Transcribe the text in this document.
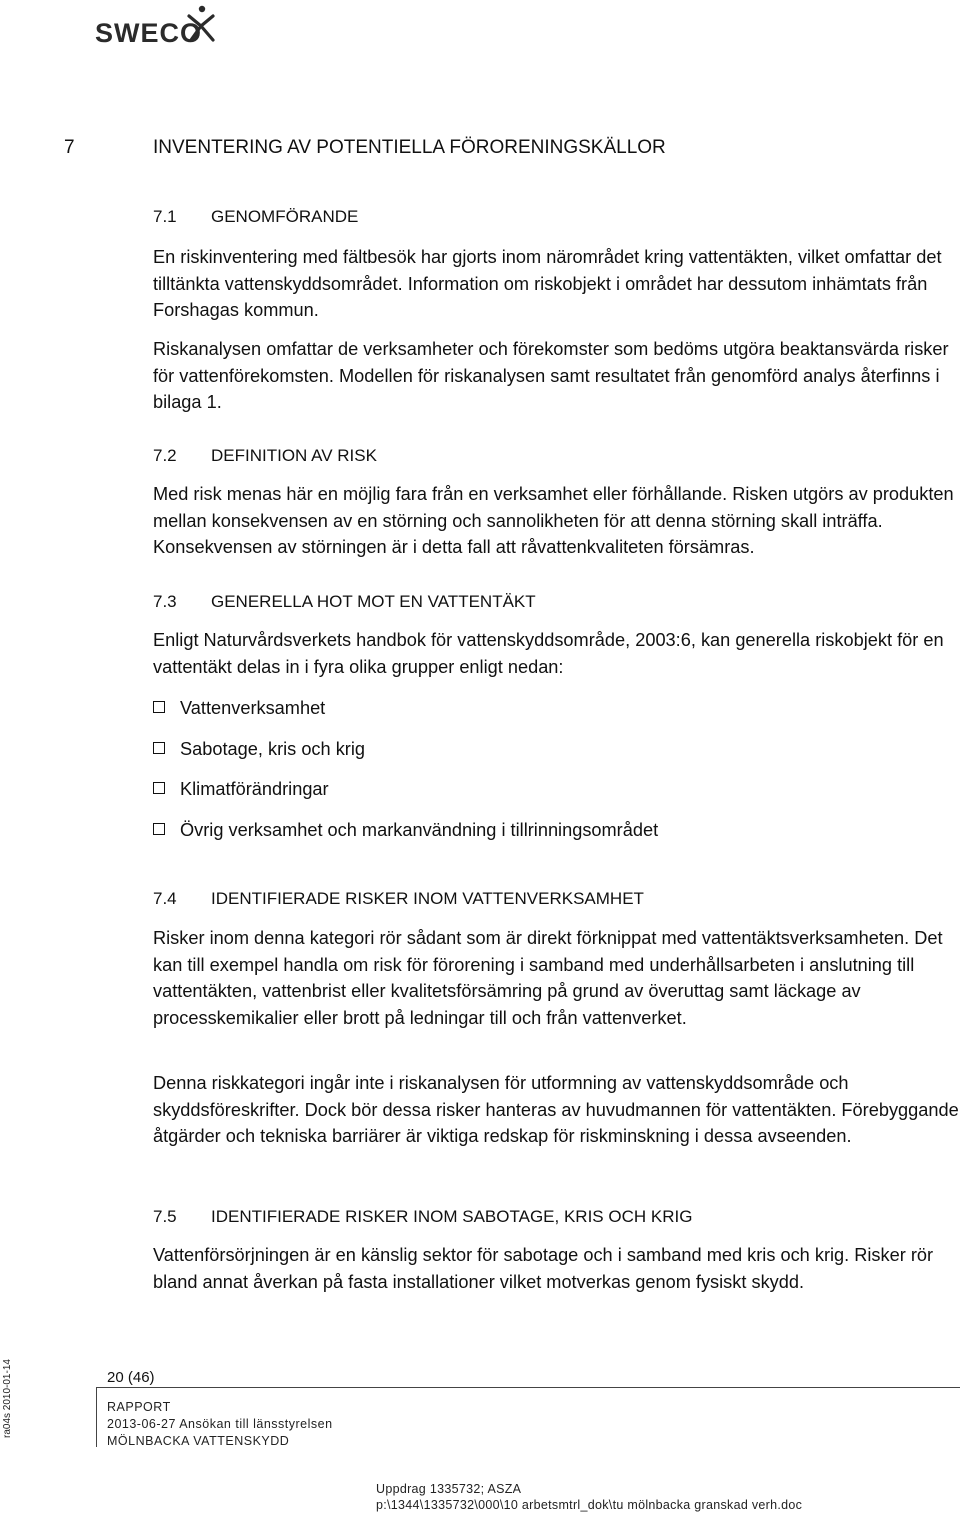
SWECO
7	INVENTERING AV POTENTIELLA FÖRORENINGSKÄLLOR
7.1 GENOMFÖRANDE
En riskinventering med fältbesök har gjorts inom närområdet kring vattentäkten, vilket omfattar det tilltänkta vattenskyddsområdet. Information om riskobjekt i området har dessutom inhämtats från Forshagas kommun.
Riskanalysen omfattar de verksamheter och förekomster som bedöms utgöra beaktansvärda risker för vattenförekomsten. Modellen för riskanalysen samt resultatet från genomförd analys återfinns i bilaga 1.
7.2 DEFINITION AV RISK
Med risk menas här en möjlig fara från en verksamhet eller förhållande. Risken utgörs av produkten mellan konsekvensen av en störning och sannolikheten för att denna störning skall inträffa. Konsekvensen av störningen är i detta fall att råvattenkvaliteten försämras.
7.3 GENERELLA HOT MOT EN VATTENTÄKT
Enligt Naturvårdsverkets handbok för vattenskyddsområde, 2003:6, kan generella riskobjekt för en vattentäkt delas in i fyra olika grupper enligt nedan:
Vattenverksamhet
Sabotage, kris och krig
Klimatförändringar
Övrig verksamhet och markanvändning i tillrinningsområdet
7.4 IDENTIFIERADE RISKER INOM VATTENVERKSAMHET
Risker inom denna kategori rör sådant som är direkt förknippat med vattentäktsverksamheten. Det kan till exempel handla om risk för förorening i samband med underhållsarbeten i anslutning till vattentäkten, vattenbrist eller kvalitetsförsämring på grund av överuttag samt läckage av processkemikalier eller brott på ledningar till och från vattenverket.
Denna riskkategori ingår inte i riskanalysen för utformning av vattenskyddsområde och skyddsföreskrifter. Dock bör dessa risker hanteras av huvudmannen för vattentäkten. Förebyggande åtgärder och tekniska barriärer är viktiga redskap för riskminskning i dessa avseenden.
7.5 IDENTIFIERADE RISKER INOM SABOTAGE, KRIS OCH KRIG
Vattenförsörjningen är en känslig sektor för sabotage och i samband med kris och krig. Risker rör bland annat åverkan på fasta installationer vilket motverkas genom fysiskt skydd.
ra04s 2010-01-14	20 (46)
RAPPORT
2013-06-27 Ansökan till länsstyrelsen
MÖLNBACKA VATTENSKYDD
Uppdrag 1335732; ASZA
p:\1344\1335732\000\10 arbetsmtrl_dok\tu mölnbacka granskad verh.doc
